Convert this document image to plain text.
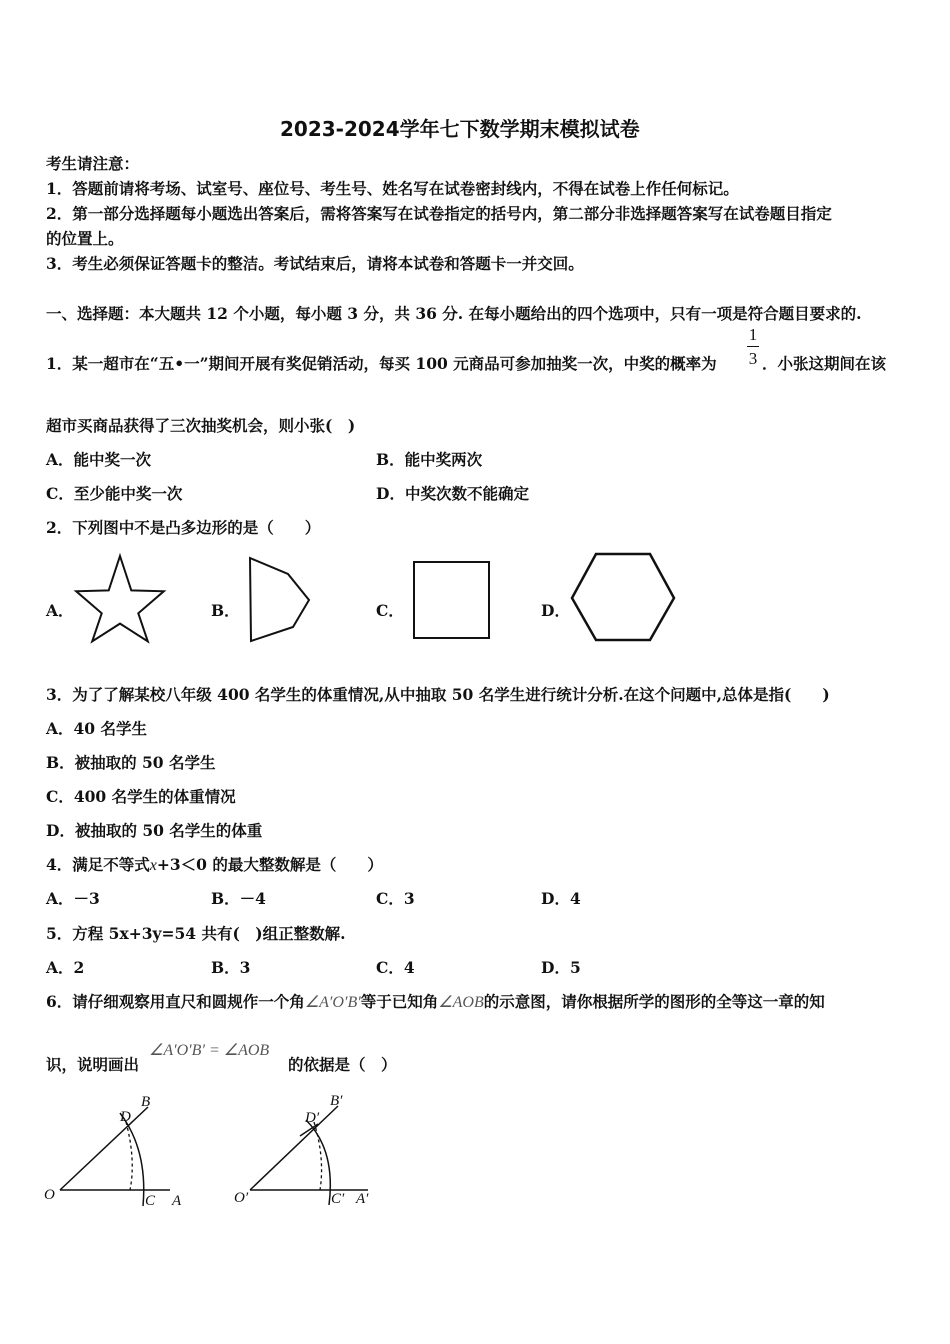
2023-2024学年七下数学期末模拟试卷
考生请注意：
1．答题前请将考场、试室号、座位号、考生号、姓名写在试卷密封线内，不得在试卷上作任何标记。
2．第一部分选择题每小题选出答案后，需将答案写在试卷指定的括号内，第二部分非选择题答案写在试卷题目指定
的位置上。
3．考生必须保证答题卡的整洁。考试结束后，请将本试卷和答题卡一并交回。
一、选择题：本大题共 12 个小题，每小题 3 分，共 36 分. 在每小题给出的四个选项中，只有一项是符合题目要求的.
1．某一超市在“五•一”期间开展有奖促销活动，每买 100 元商品可参加抽奖一次，中奖的概率为
1
3 ．小张这期间在该
超市买商品获得了三次抽奖机会，则小张(　)
A．能中奖一次	B．能中奖两次
C．至少能中奖一次	D．中奖次数不能确定
2．下列图中不是凸多边形的是（　　）
A．	B．	C．	D．
3．为了了解某校八年级 400 名学生的体重情况,从中抽取 50 名学生进行统计分析.在这个问题中,总体是指(　　)
A．40 名学生
B．被抽取的 50 名学生
C．400 名学生的体重情况
D．被抽取的 50 名学生的体重
4．满足不等式x+3＜0 的最大整数解是（　　）
A．－3	B．－4	C．3	D．4
5．方程 5x+3y=54 共有(　)组正整数解.
A．2	B．3	C．4	D．5
6．请仔细观察用直尺和圆规作一个角∠A′O′B′等于已知角∠AOB的示意图，请你根据所学的图形的全等这一章的知
识，说明画出
∠A′O′B′ = ∠AOB
的依据是（　）
O	A
B
C
D
O′	A′
B′
C′
D′
